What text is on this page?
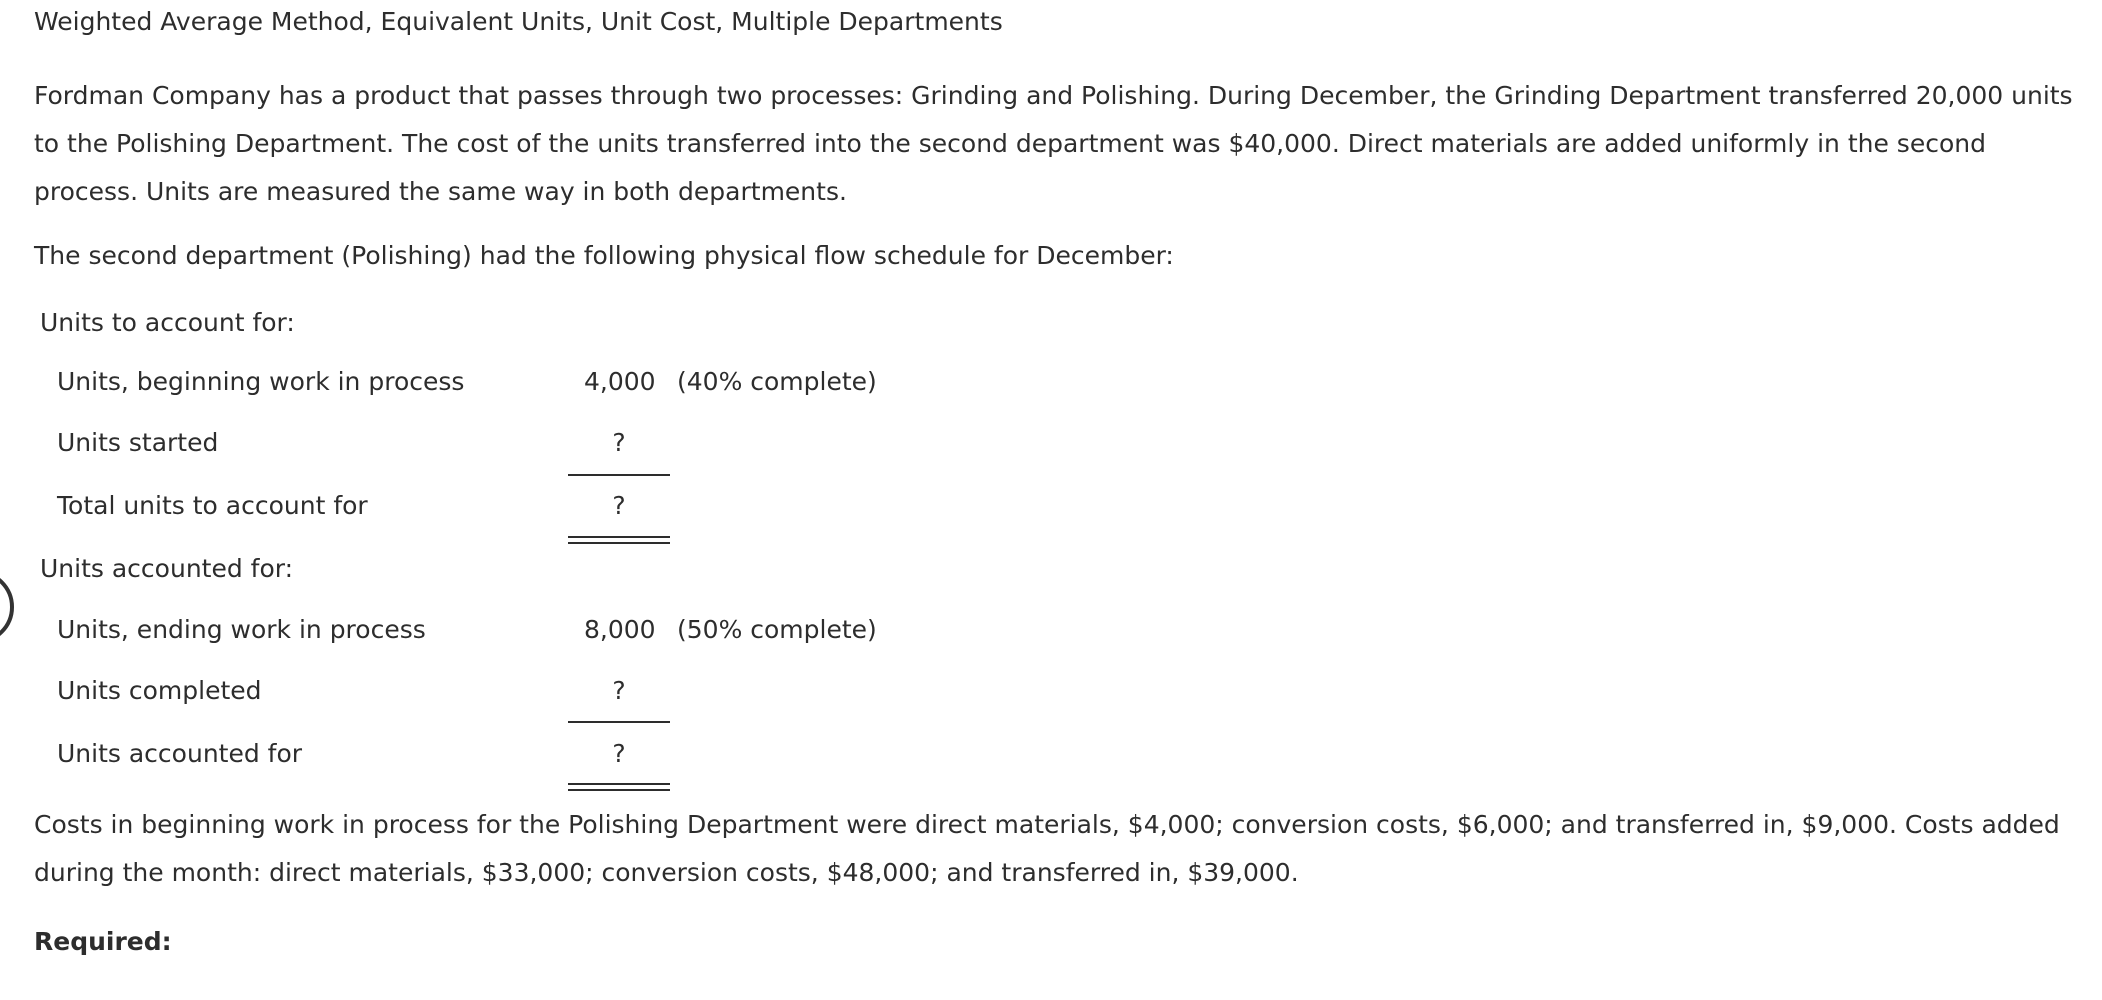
Weighted Average Method, Equivalent Units, Unit Cost, Multiple Departments

Fordman Company has a product that passes through two processes: Grinding and Polishing. During December, the Grinding Department transferred 20,000 units to the Polishing Department. The cost of the units transferred into the second department was $40,000. Direct materials are added uniformly in the second process. Units are measured the same way in both departments.

The second department (Polishing) had the following physical flow schedule for December:
Units to account for:
Units, beginning work in process	4,000 (40% complete)
Units started	?
Total units to account for	?
Units accounted for:
Units, ending work in process	8,000 (50% complete)
Units completed	?
Units accounted for	?

Costs in beginning work in process for the Polishing Department were direct materials, $4,000; conversion costs, $6,000; and transferred in, $9,000. Costs added during the month: direct materials, $33,000; conversion costs, $48,000; and transferred in, $39,000.

Required:
